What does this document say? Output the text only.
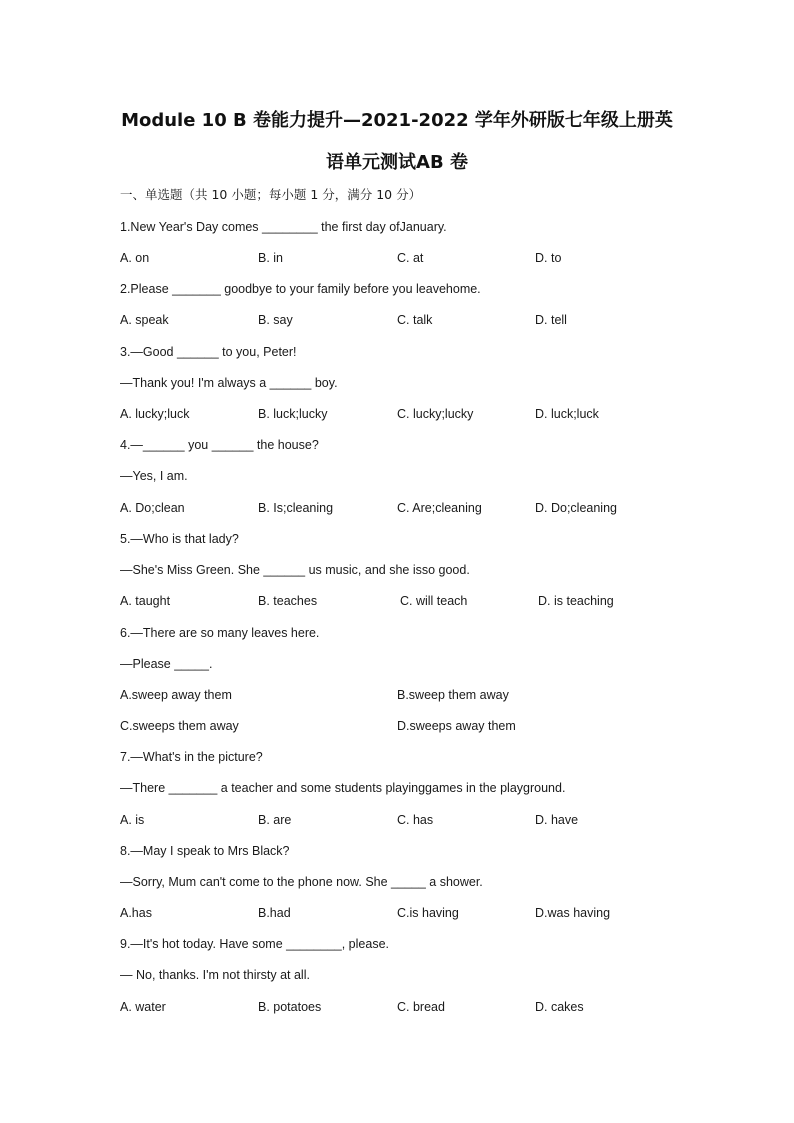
Module 10 B 卷能力提升—2021-2022 学年外研版七年级上册英
语单元测试AB 卷
一、单选题（共 10 小题；每小题 1 分，满分 10 分）
1.New Year's Day comes ________ the first day ofJanuary.
A. on	B. in	C. at	D. to
2.Please _______ goodbye to your family before you leavehome.
A. speak	B. say	C. talk	D. tell
3.—Good ______ to you, Peter!
—Thank you! I'm always a ______ boy.
A. lucky;luck	B. luck;lucky	C. lucky;lucky	D. luck;luck
4.—______ you ______ the house?
—Yes, I am.
A. Do;clean	B. Is;cleaning	C. Are;cleaning	D. Do;cleaning
5.—Who is that lady?
—She's Miss Green. She ______ us music, and she isso good.
A. taught	B. teaches	C. will teach	D. is teaching
6.—There are so many leaves here.
—Please _____.
A.sweep away them	B.sweep them away
C.sweeps them away	D.sweeps away them
7.—What's in the picture?
—There _______ a teacher and some students playinggames in the playground.
A. is	B. are	C. has	D. have
8.—May I speak to Mrs Black?
—Sorry, Mum can't come to the phone now. She _____ a shower.
A.has	B.had	C.is having	D.was having
9.—It's hot today. Have some ________, please.
— No, thanks. I'm not thirsty at all.
A. water	B. potatoes	C. bread	D. cakes
